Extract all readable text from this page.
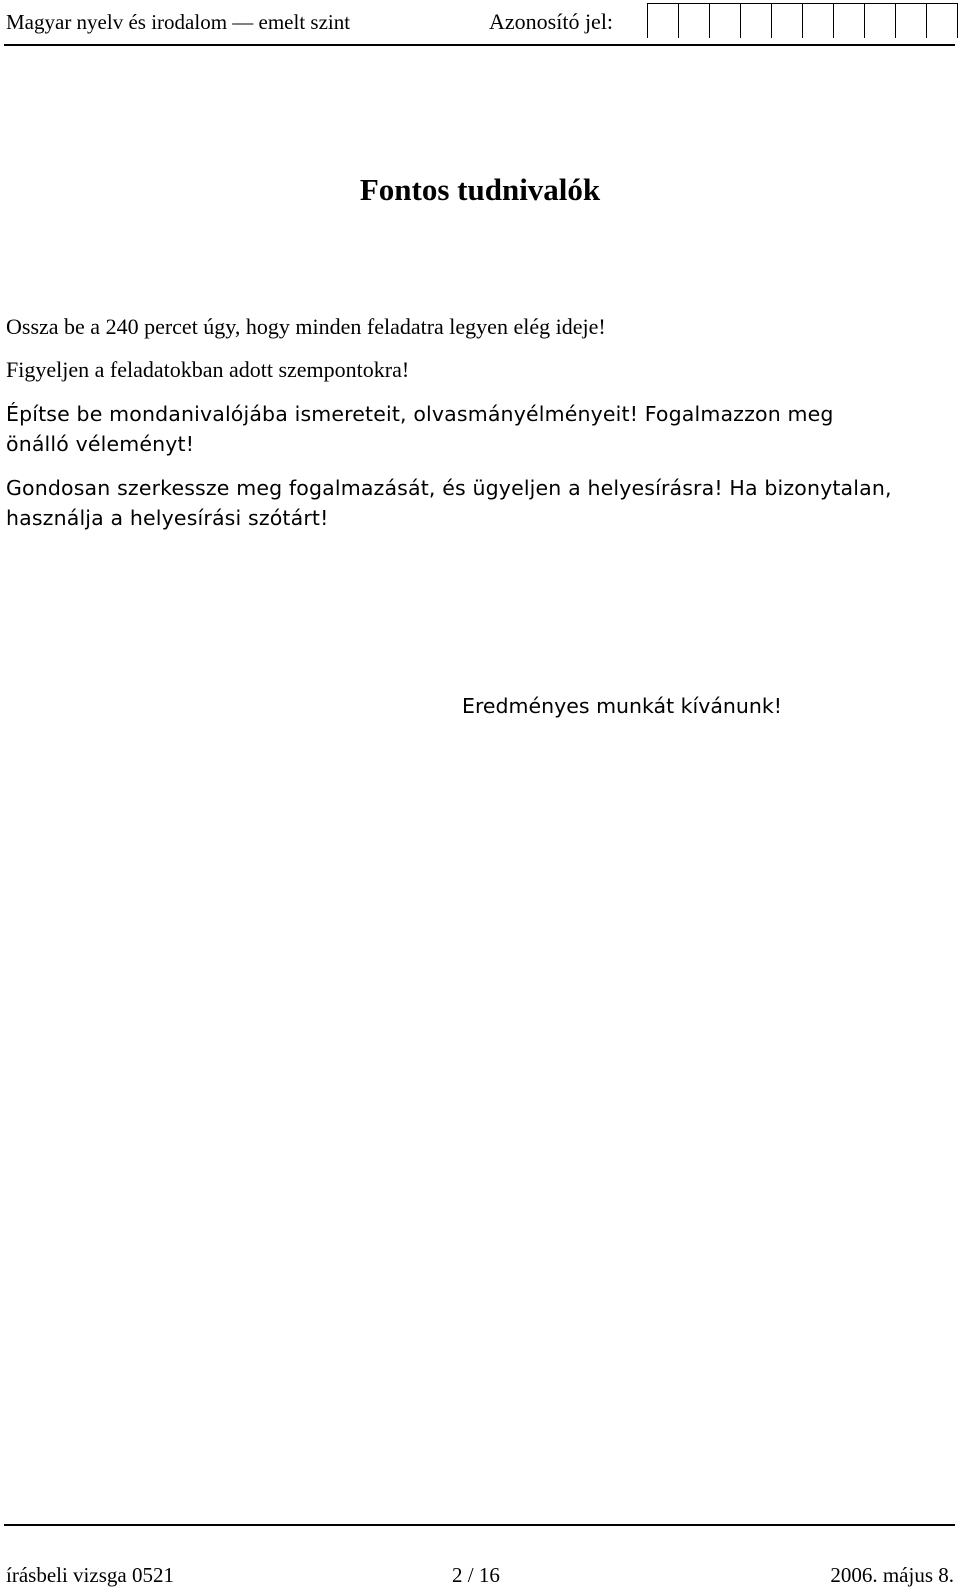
Magyar nyelv és irodalom — emelt szint	Azonosító jel:
Fontos tudnivalók

Ossza be a 240 percet úgy, hogy minden feladatra legyen elég ideje!

Figyeljen a feladatokban adott szempontokra!

Építse be mondanivalójába ismereteit, olvasmányélményeit! Fogalmazzon meg

önálló véleményt!

Gondosan szerkessze meg fogalmazását, és ügyeljen a helyesírásra! Ha bizonytalan,

használja a helyesírási szótárt!

Eredményes munkát kívánunk!

írásbeli vizsga 0521	2 / 16	2006. május 8.
